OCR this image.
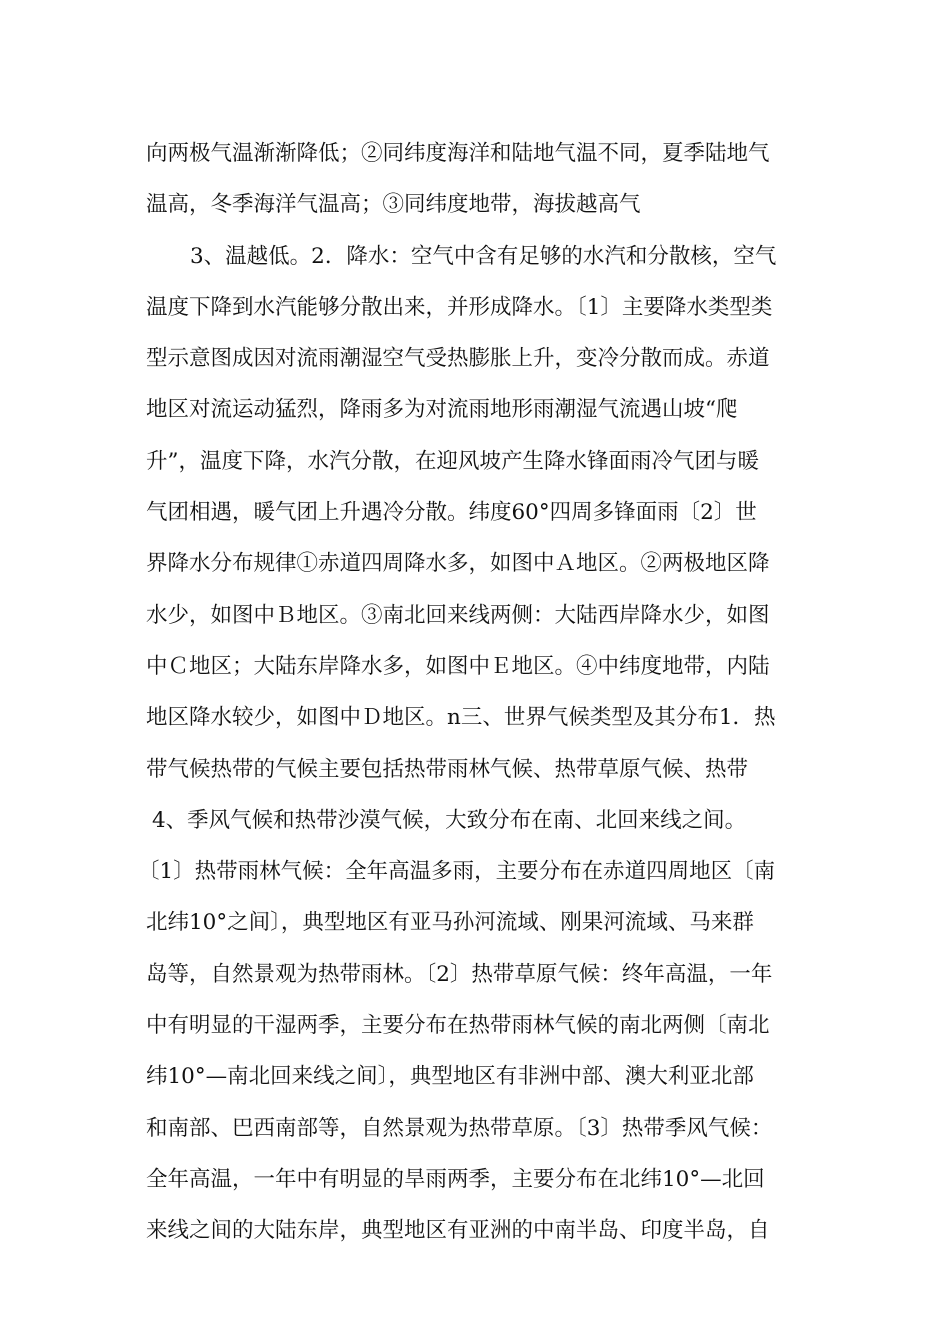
向两极气温渐渐降低；②同纬度海洋和陆地气温不同，夏季陆地气
温高，冬季海洋气温高；③同纬度地带，海拔越高气
3、温越低。2．降水：空气中含有足够的水汽和分散核，空气
温度下降到水汽能够分散出来，并形成降水。〔1〕主要降水类型类
型示意图成因对流雨潮湿空气受热膨胀上升，变冷分散而成。赤道
地区对流运动猛烈，降雨多为对流雨地形雨潮湿气流遇山坡“爬
升”，温度下降，水汽分散，在迎风坡产生降水锋面雨冷气团与暖
气团相遇，暖气团上升遇冷分散。纬度60°四周多锋面雨〔2〕世
界降水分布规律①赤道四周降水多，如图中Ａ地区。②两极地区降
水少，如图中Ｂ地区。③南北回来线两侧：大陆西岸降水少，如图
中Ｃ地区；大陆东岸降水多，如图中Ｅ地区。④中纬度地带，内陆
地区降水较少，如图中Ｄ地区。n三、世界气候类型及其分布1．热
带气候热带的气候主要包括热带雨林气候、热带草原气候、热带
4、季风气候和热带沙漠气候，大致分布在南、北回来线之间。
〔1〕热带雨林气候：全年高温多雨，主要分布在赤道四周地区〔南
北纬10°之间〕，典型地区有亚马孙河流域、刚果河流域、马来群
岛等，自然景观为热带雨林。〔2〕热带草原气候：终年高温，一年
中有明显的干湿两季，主要分布在热带雨林气候的南北两侧〔南北
纬10°—南北回来线之间〕，典型地区有非洲中部、澳大利亚北部
和南部、巴西南部等，自然景观为热带草原。〔3〕热带季风气候：
全年高温，一年中有明显的旱雨两季，主要分布在北纬10°—北回
来线之间的大陆东岸，典型地区有亚洲的中南半岛、印度半岛，自
